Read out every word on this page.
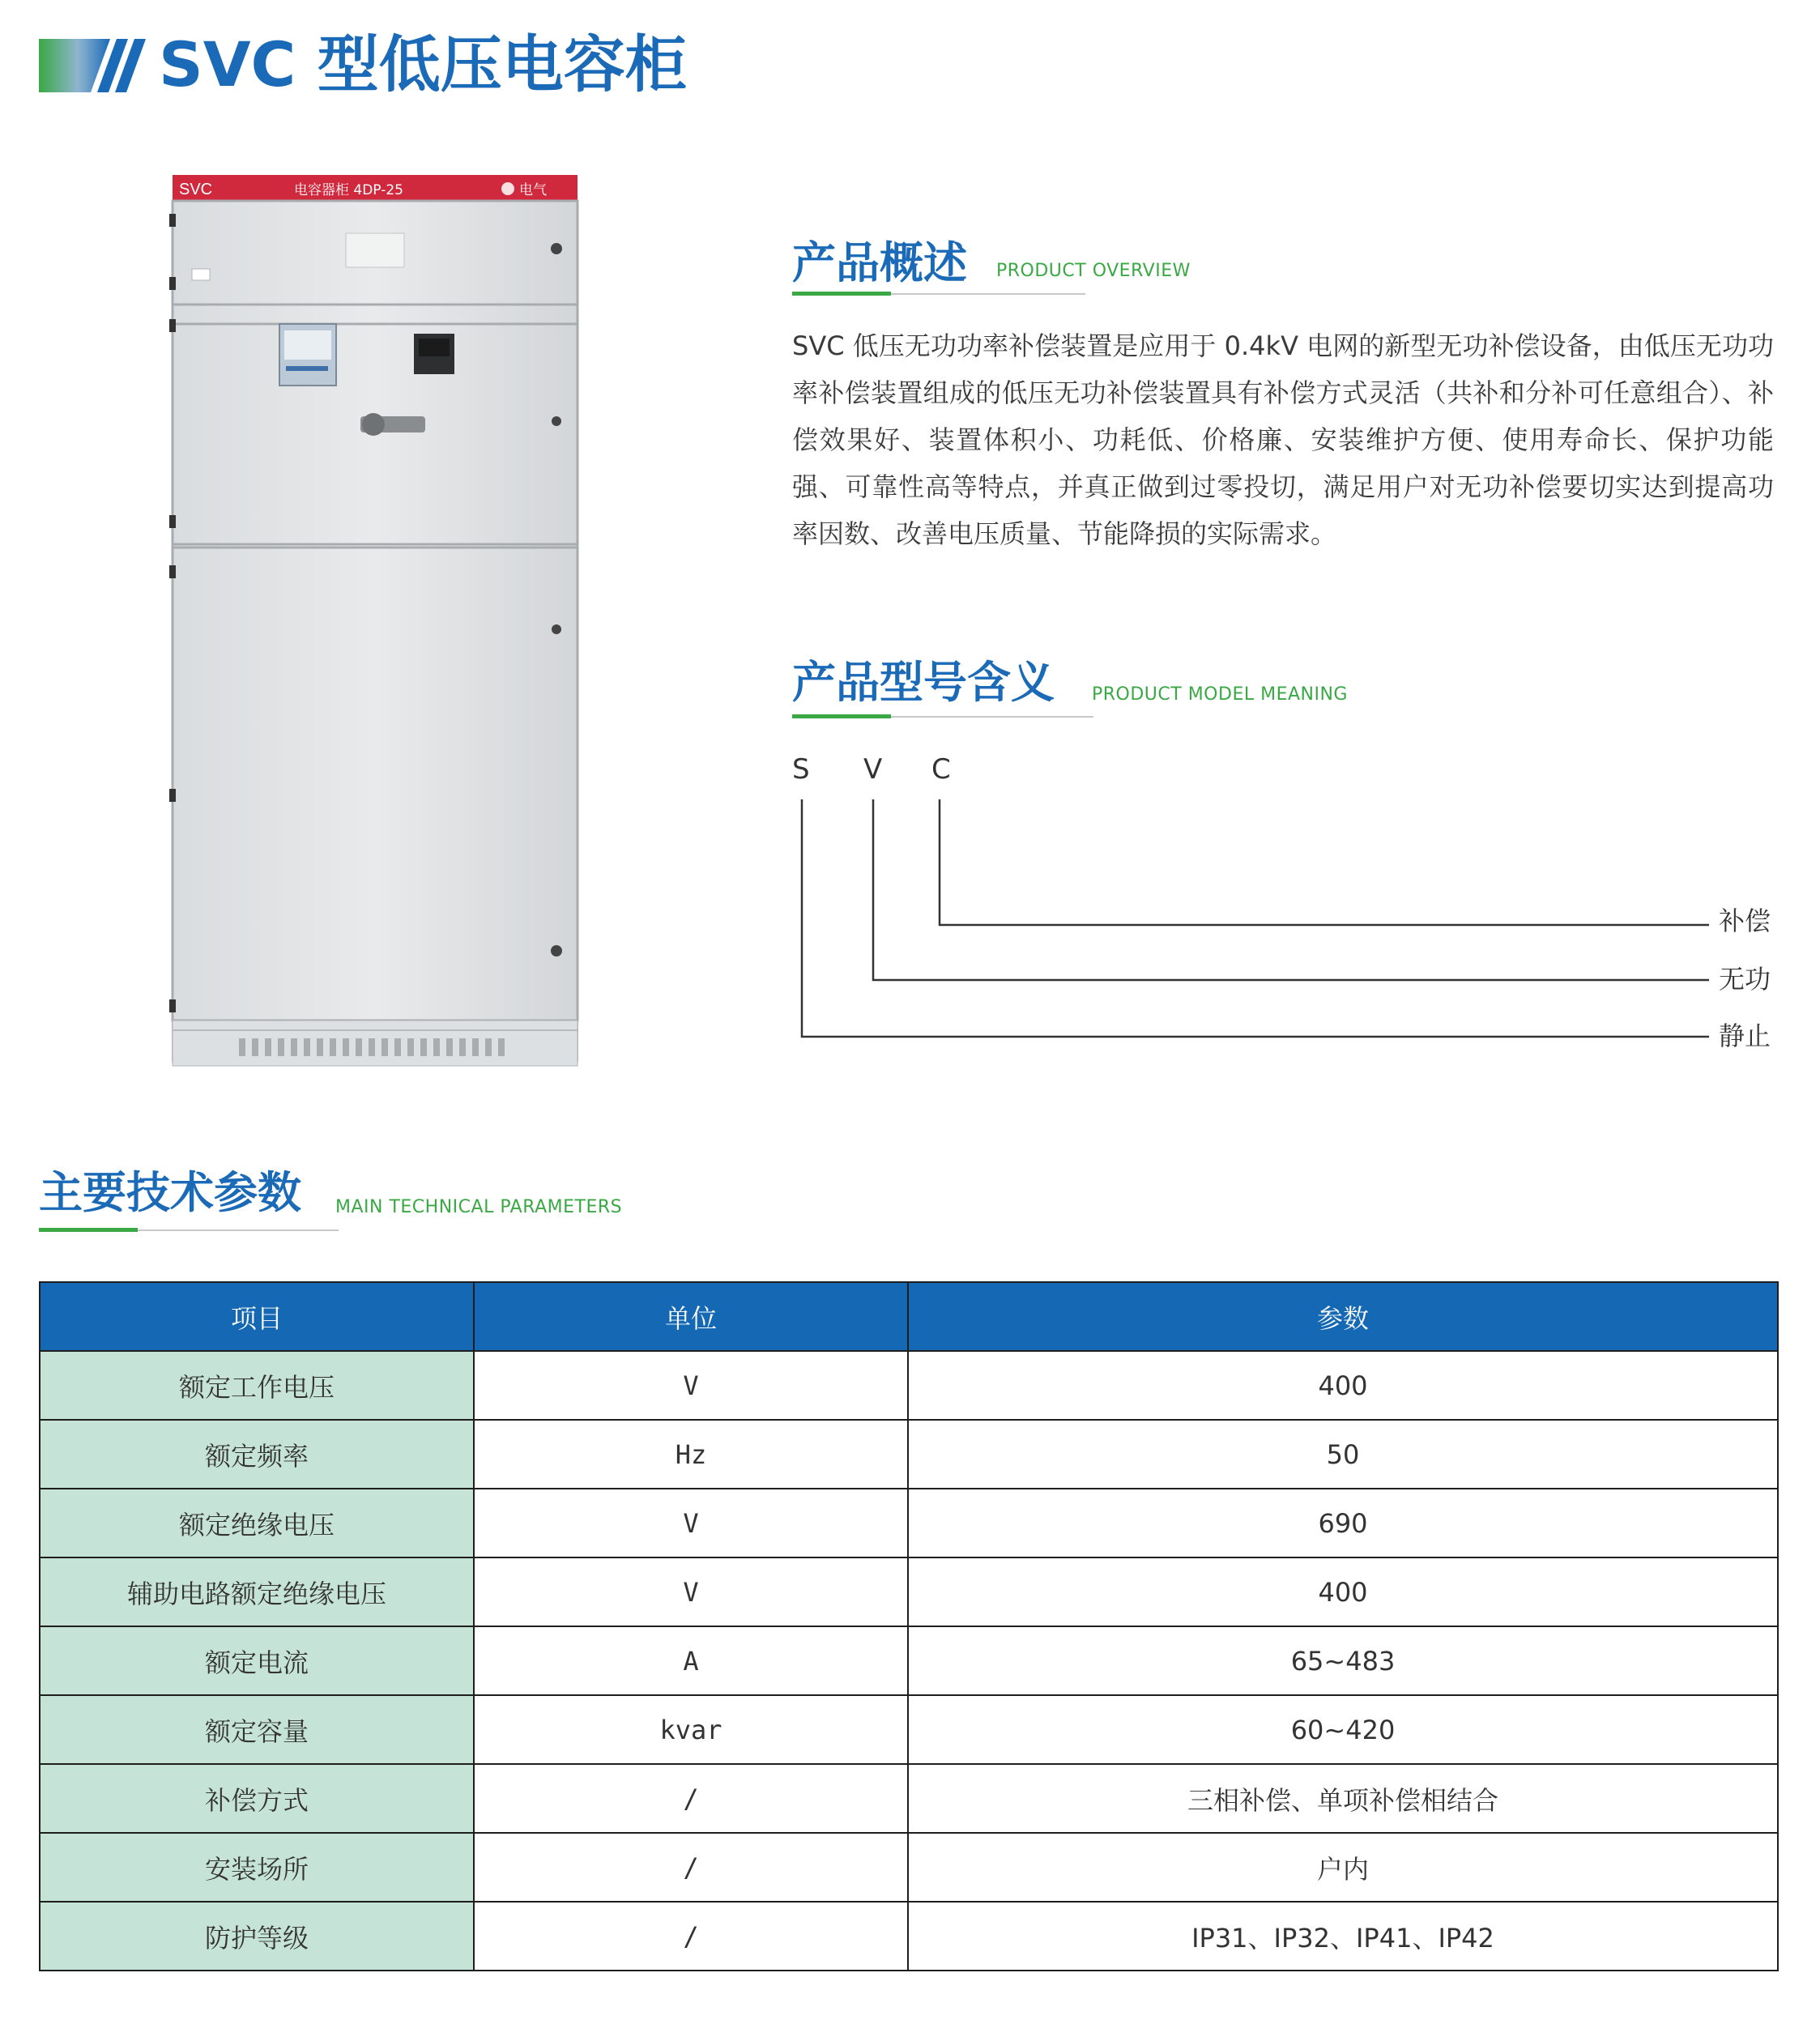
SVC 型低压电容柜
SVC	电容器柜 4DP-25	电气
产品概述 PRODUCT OVERVIEW
SVC 低压无功功率补偿装置是应用于 0.4kV 电网的新型无功补偿设备，由低压无功功率补偿装置组成的低压无功补偿装置具有补偿方式灵活（共补和分补可任意组合）、补偿效果好、装置体积小、功耗低、价格廉、安装维护方便、使用寿命长、保护功能强、可靠性高等特点，并真正做到过零投切，满足用户对无功补偿要切实达到提高功率因数、改善电压质量、节能降损的实际需求。
产品型号含义 PRODUCT MODEL MEANING
S V C
补偿
无功
静止
主要技术参数 MAIN TECHNICAL PARAMETERS
项目	单位	参数
额定工作电压	V	400
额定频率	Hz	50
额定绝缘电压	V	690
辅助电路额定绝缘电压	V	400
额定电流	A	65~483
额定容量	kvar	60~420
补偿方式	/	三相补偿、单项补偿相结合
安装场所	/	户内
防护等级	/	IP31、IP32、IP41、IP42
